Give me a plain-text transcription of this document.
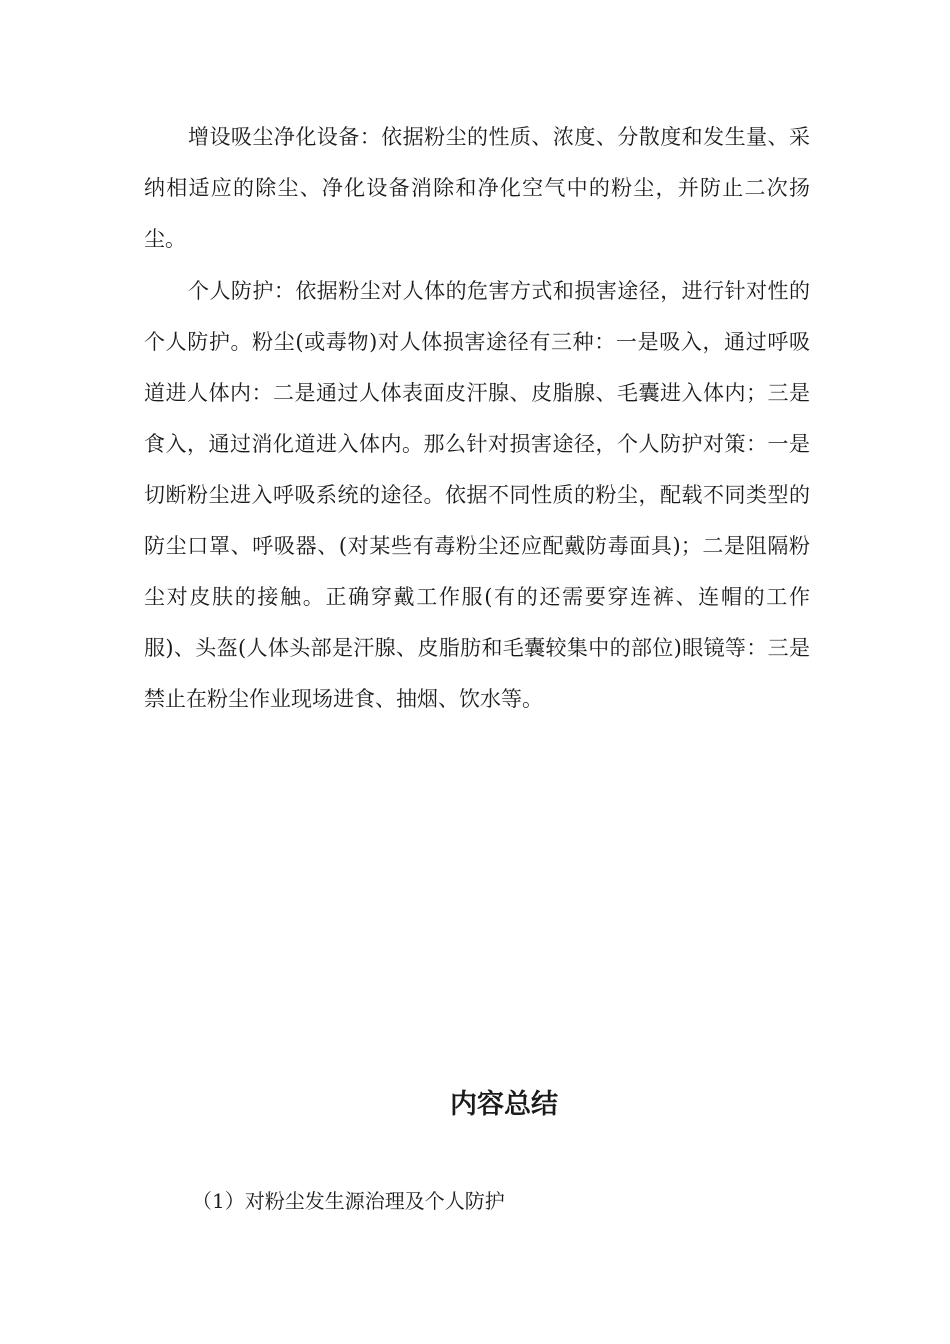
增设吸尘净化设备：依据粉尘的性质、浓度、分散度和发生量、采纳相适应的除尘、净化设备消除和净化空气中的粉尘，并防止二次扬尘。

个人防护：依据粉尘对人体的危害方式和损害途径，进行针对性的个人防护。粉尘(或毒物)对人体损害途径有三种：一是吸入，通过呼吸道进人体内：二是通过人体表面皮汗腺、皮脂腺、毛囊进入体内；三是食入，通过消化道进入体内。那么针对损害途径，个人防护对策：一是切断粉尘进入呼吸系统的途径。依据不同性质的粉尘，配载不同类型的防尘口罩、呼吸器、(对某些有毒粉尘还应配戴防毒面具)；二是阻隔粉尘对皮肤的接触。正确穿戴工作服(有的还需要穿连裤、连帽的工作服)、头盔(人体头部是汗腺、皮脂肪和毛囊较集中的部位)眼镜等：三是禁止在粉尘作业现场进食、抽烟、饮水等。

内容总结

（1）对粉尘发生源治理及个人防护
